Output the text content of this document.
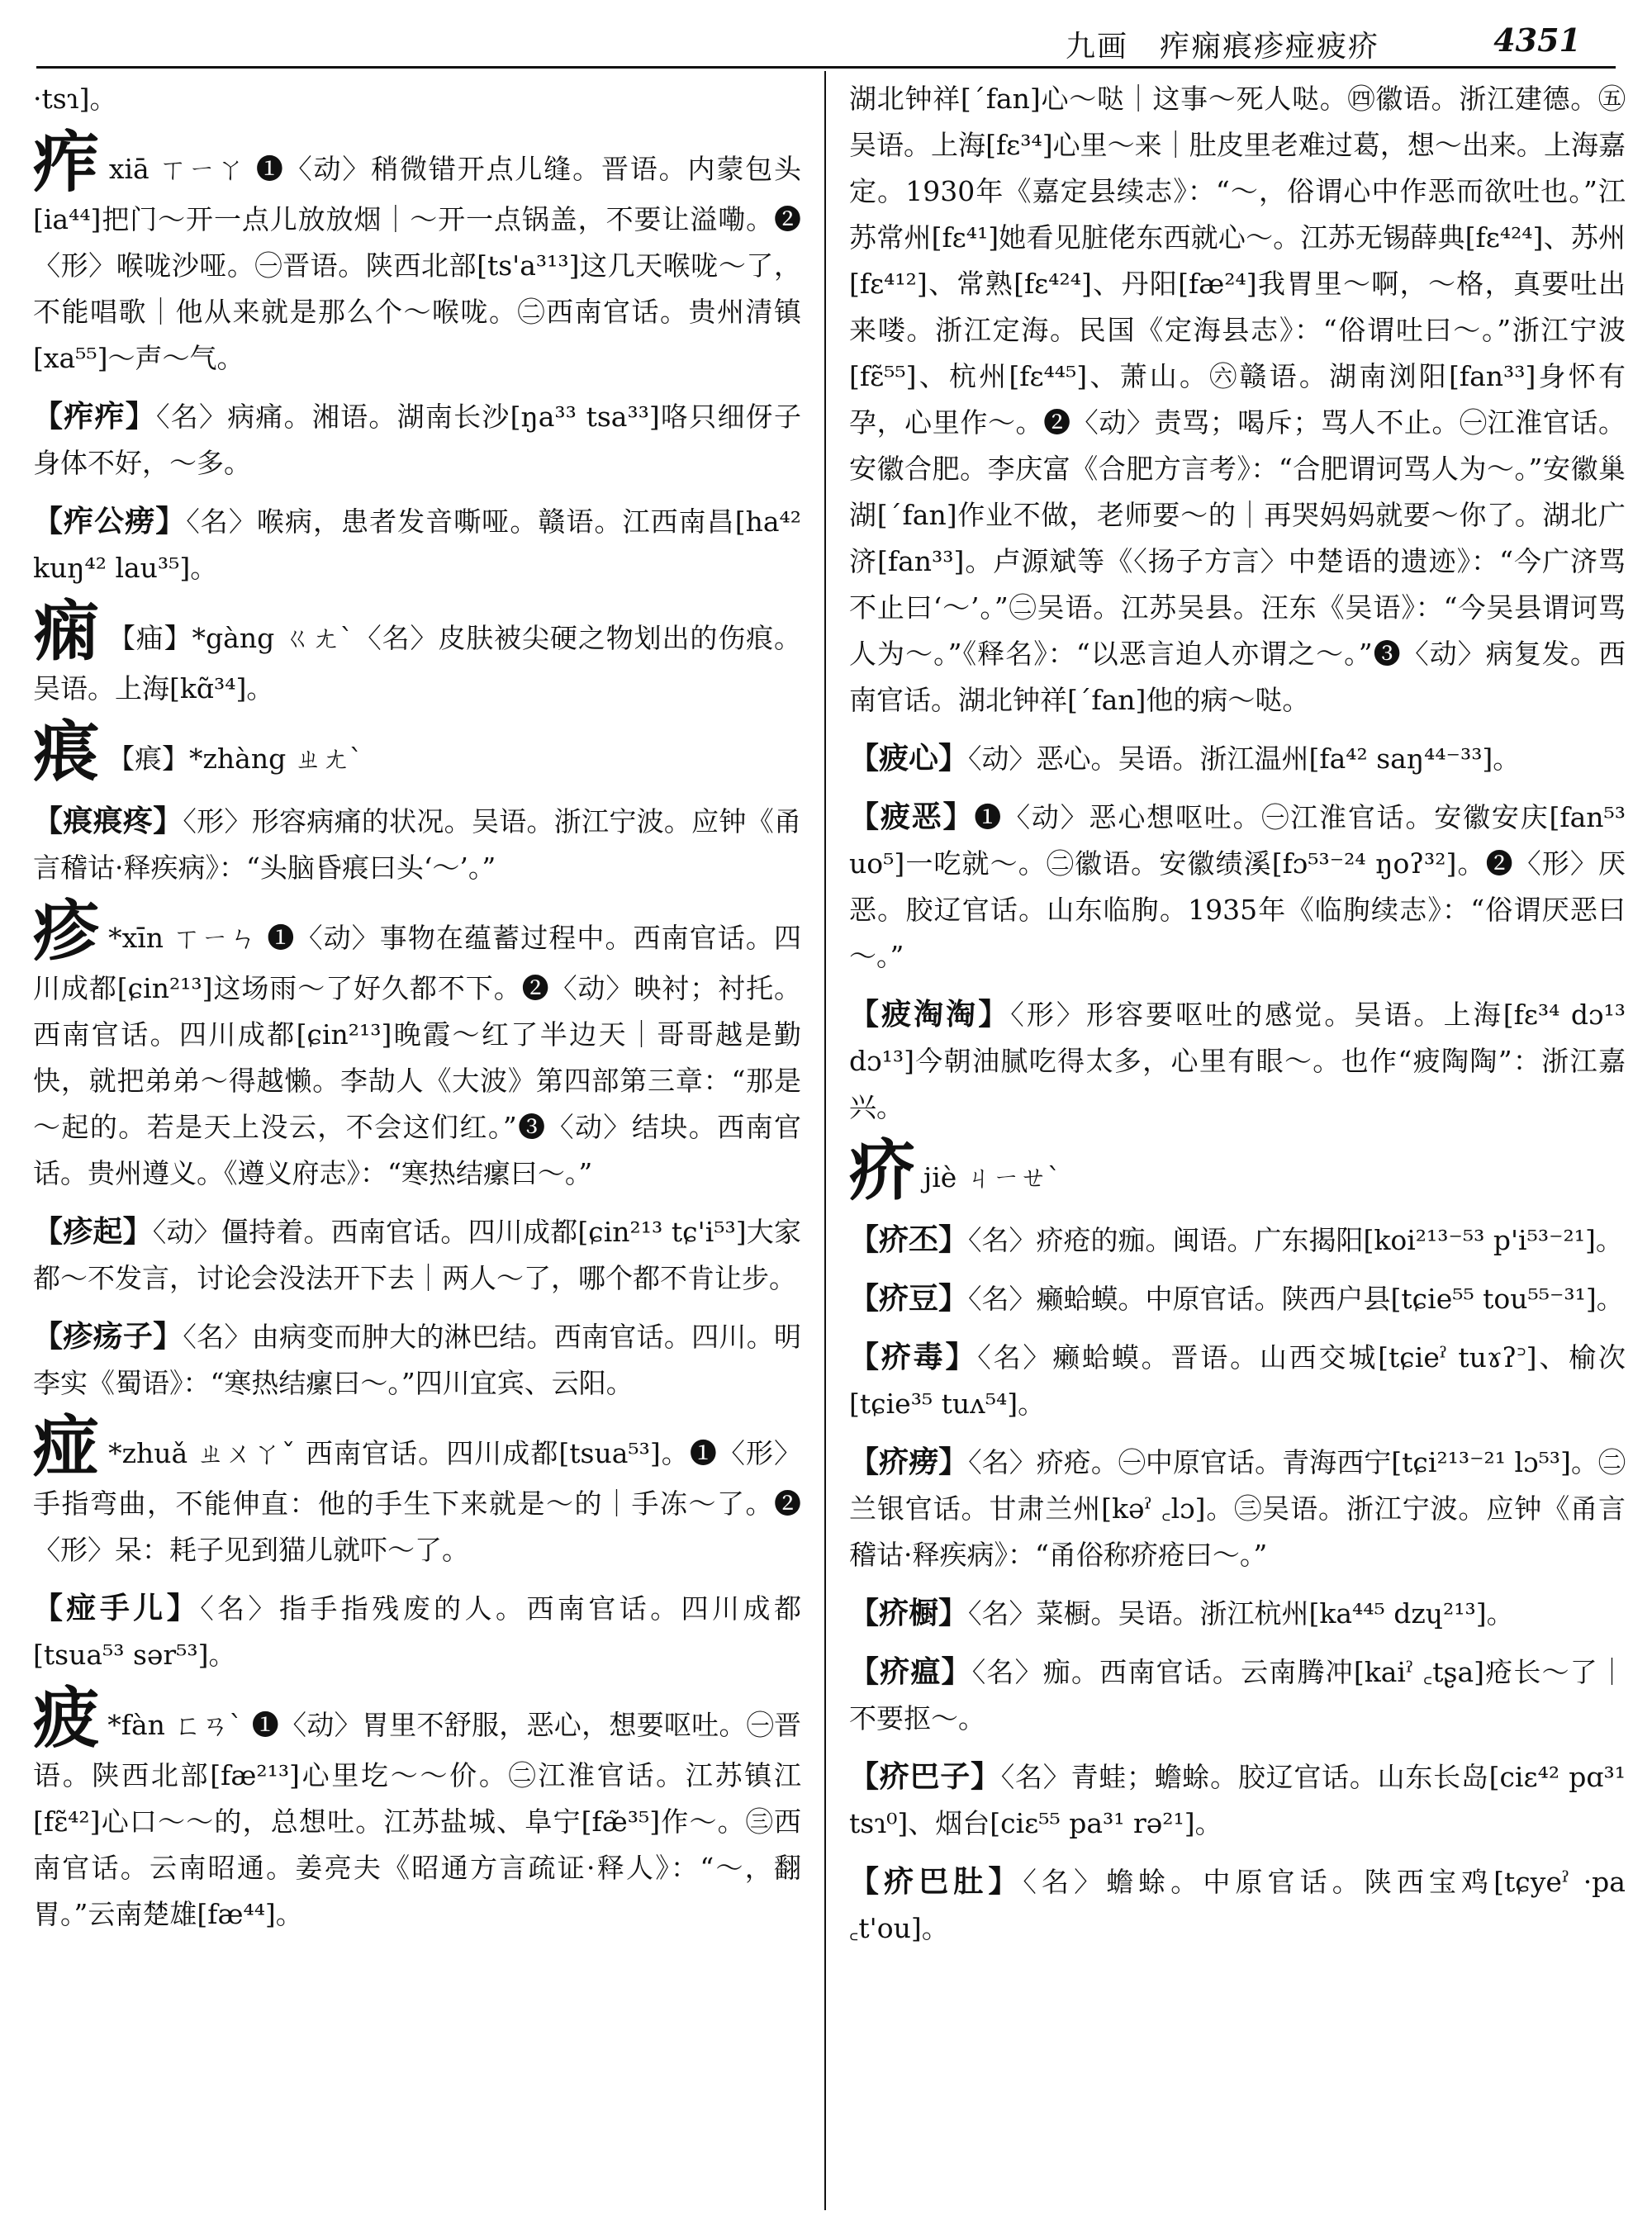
九画　痄痫痮疹痖疲疥	4351

·tsɿ]。

痄xiā ㄒㄧㄚ ❶〈动〉稍微错开点儿缝。晋语。内蒙包头[ia⁴⁴]把门～开一点儿放放烟｜～开一点锅盖，不要让溢嘞。❷〈形〉喉咙沙哑。㊀晋语。陕西北部[ts'a³¹³]这几天喉咙～了，不能唱歌｜他从来就是那么个～喉咙。㊁西南官话。贵州清镇[xa⁵⁵]～声～气。

【痄痄】〈名〉病痛。湘语。湖南长沙[ŋa³³ tsa³³]咯只细伢子身体不好，～多。

【痄公痨】〈名〉喉病，患者发音嘶哑。赣语。江西南昌[ha⁴² kuŋ⁴² lau³⁵]。

痫 【㾄】*gàng ㄍㄤˋ〈名〉皮肤被尖硬之物划出的伤痕。吴语。上海[kɑ̃³⁴]。

痮 【痮】*zhàng ㄓㄤˋ

【痮痮疼】〈形〉形容病痛的状况。吴语。浙江宁波。应钟《甬言稽诂·释疾病》：“头脑昏痮曰头‘～’。”

疹 *xīn ㄒㄧㄣ ❶〈动〉事物在蕴蓄过程中。西南官话。四川成都[ɕin²¹³]这场雨～了好久都不下。❷〈动〉映衬；衬托。西南官话。四川成都[ɕin²¹³]晚霞～红了半边天｜哥哥越是勤快，就把弟弟～得越懒。李劼人《大波》第四部第三章：“那是～起的。若是天上没云，不会这们红。”❸〈动〉结块。西南官话。贵州遵义。《遵义府志》：“寒热结瘰曰～。”

【疹起】〈动〉僵持着。西南官话。四川成都[ɕin²¹³ tɕ'i⁵³]大家都～不发言，讨论会没法开下去｜两人～了，哪个都不肯让步。

【疹疡子】〈名〉由病变而肿大的淋巴结。西南官话。四川。明李实《蜀语》：“寒热结瘰曰～。”四川宜宾、云阳。

痖 *zhuǎ ㄓㄨㄚˇ 西南官话。四川成都[tsua⁵³]。❶〈形〉手指弯曲，不能伸直：他的手生下来就是～的｜手冻～了。❷〈形〉呆：耗子见到猫儿就吓～了。

【痖手儿】〈名〉指手指残废的人。西南官话。四川成都[tsua⁵³ sər⁵³]。

疲 *fàn ㄈㄢˋ ❶〈动〉胃里不舒服，恶心，想要呕吐。㊀晋语。陕西北部[fæ²¹³]心里圪～～价。㊁江淮官话。江苏镇江[fɛ̃⁴²]心口～～的，总想吐。江苏盐城、阜宁[fæ̃³⁵]作～。㊂西南官话。云南昭通。姜亮夫《昭通方言疏证·释人》：“～，翻胃。”云南楚雄[fæ⁴⁴]。

湖北钟祥[ˊfan]心～哒｜这事～死人哒。㊃徽语。浙江建德。㊄吴语。上海[fɛ³⁴]心里～来｜肚皮里老难过葛，想～出来。上海嘉定。1930年《嘉定县续志》：“～，俗谓心中作恶而欲吐也。”江苏常州[fɛ⁴¹]她看见脏佬东西就心～。江苏无锡薛典[fɛ⁴²⁴]、苏州[fɛ⁴¹²]、常熟[fɛ⁴²⁴]、丹阳[fæ²⁴]我胃里～啊，～格，真要吐出来喽。浙江定海。民国《定海县志》：“俗谓吐曰～。”浙江宁波[fɛ̃⁵⁵]、杭州[fɛ⁴⁴⁵]、萧山。㊅赣语。湖南浏阳[fan³³]身怀有孕，心里作～。❷〈动〉责骂；喝斥；骂人不止。㊀江淮官话。安徽合肥。李庆富《合肥方言考》：“合肥谓诃骂人为～。”安徽巢湖[ˊfan]作业不做，老师要～的｜再哭妈妈就要～你了。湖北广济[fan³³]。卢源斌等《〈扬子方言〉中楚语的遗迹》：“今广济骂不止曰‘～’。”㊁吴语。江苏吴县。汪东《吴语》：“今吴县谓诃骂人为～。”《释名》：“以恶言迫人亦谓之～。”❸〈动〉病复发。西南官话。湖北钟祥[ˊfan]他的病～哒。

【疲心】〈动〉恶心。吴语。浙江温州[fa⁴² saŋ⁴⁴⁻³³]。

【疲恶】❶〈动〉恶心想呕吐。㊀江淮官话。安徽安庆[fan⁵³ uo⁵]一吃就～。㊁徽语。安徽绩溪[fɔ⁵³⁻²⁴ ŋoʔ³²]。❷〈形〉厌恶。胶辽官话。山东临朐。1935年《临朐续志》：“俗谓厌恶曰～。”

【疲淘淘】〈形〉形容要呕吐的感觉。吴语。上海[fɛ³⁴ dɔ¹³ dɔ¹³]今朝油腻吃得太多，心里有眼～。也作“疲陶陶”：浙江嘉兴。

疥jiè ㄐㄧㄝˋ

【疥丕】〈名〉疥疮的痂。闽语。广东揭阳[koi²¹³⁻⁵³ p'i⁵³⁻²¹]。

【疥豆】〈名〉癞蛤蟆。中原官话。陕西户县[tɕie⁵⁵ tou⁵⁵⁻³¹]。

【疥毒】〈名〉癞蛤蟆。晋语。山西交城[tɕieˀ tuɤʔ꜄]、榆次[tɕie³⁵ tuʌ⁵⁴]。

【疥痨】〈名〉疥疮。㊀中原官话。青海西宁[tɕi²¹³⁻²¹ lɔ⁵³]。㊁兰银官话。甘肃兰州[kəˀ ꜀lɔ]。㊂吴语。浙江宁波。应钟《甬言稽诂·释疾病》：“甬俗称疥疮曰～。”

【疥橱】〈名〉菜橱。吴语。浙江杭州[ka⁴⁴⁵ dzɥ²¹³]。

【疥瘟】〈名〉痂。西南官话。云南腾冲[kaiˀ ꜀tʂa]疮长～了｜不要抠～。

【疥巴子】〈名〉青蛙；蟾蜍。胶辽官话。山东长岛[ciɛ⁴² pɑ³¹ tsɿ⁰]、烟台[ciɛ⁵⁵ pa³¹ rə²¹]。

【疥巴肚】〈名〉蟾蜍。中原官话。陕西宝鸡[tɕyeˀ ·pa ꜀t'ou]。
